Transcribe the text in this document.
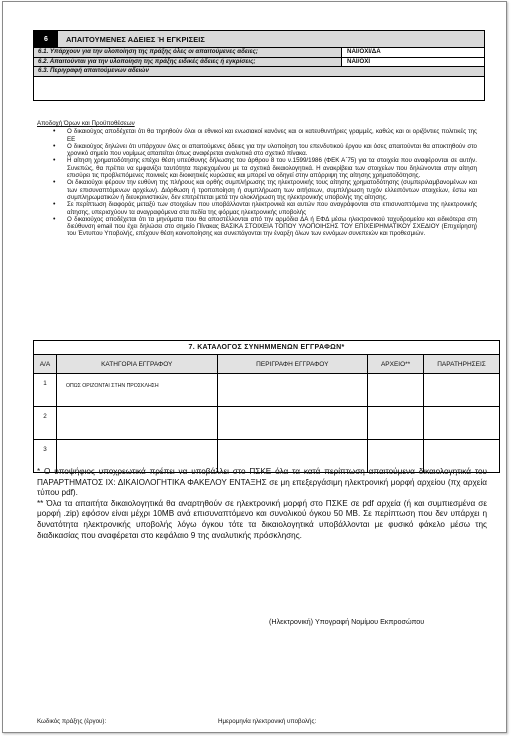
6	ΑΠΑΙΤΟΥΜΕΝΕΣ ΑΔΕΙΕΣ Ή ΕΓΚΡΙΣΕΙΣ
6.1. Υπάρχουν για την υλοποίηση της πράξης όλες οι απαιτούμενες αδειες;	ΝΑΙ/ΟΧΙ/ΔΑ
6.2. Απαιτούνται για την υλοποίηση της πράξης ειδικές άδειες ή εγκρίσεις;	ΝΑΙ/ΟΧΙ
6.3. Περιγραφή απαιτούμενων αδειών
Αποδοχή Όρων και Προϋποθέσεων
• Ο δικαιούχος αποδέχεται ότι θα τηρηθούν όλοι οι εθνικοί και ενωσιακοί κανόνες και οι κατευθυντήριες γραμμές, καθώς και οι οριζόντιες πολιτικές της ΕΕ
• Ο δικαιούχος δηλώνει ότι υπάρχουν όλες οι απαιτούμενες άδειες για την υλοποίηση του επενδυτικού έργου και όσες απαιτούνται θα αποκτηθούν στο χρονικό σημείο που νομίμως απαιτείται όπως αναφέρεται αναλυτικά στο σχετικό πίνακα.
• Η αίτηση χρηματοδότησης επέχει θέση υπεύθυνης δήλωσης του άρθρου 8 του ν.1599/1986 (ΦΕΚ Α΄75) για τα στοιχεία που αναφέρονται σε αυτήν. Συνεπώς, θα πρέπει να εμφανίζει ταυτότητα περιεχομένου με τα σχετικά δικαιολογητικά. Η ανακρίβεια των στοιχείων που δηλώνονται στην αίτηση επισύρει τις προβλεπόμενες ποινικές και διοικητικές κυρώσεις και μπορεί να οδηγεί στην απόρριψη της αίτησης χρηματοδότησης.
• Οι δικαιούχοι φέρουν την ευθύνη της πλήρους και ορθής συμπλήρωσης της ηλεκτρονικής τους αίτησης χρηματοδότησης (συμπεριλαμβανομένων και των επισυναπτόμενων αρχείων). Διόρθωση ή τροποποίηση ή συμπλήρωση των αιτήσεων, συμπλήρωση τυχόν ελλειπόντων στοιχείων, έστω και συμπληρωματικών ή διευκρινιστικών, δεν επιτρέπεται μετά την ολοκλήρωση της ηλεκτρονικής υποβολής της αίτησης.
• Σε περίπτωση διαφοράς μεταξύ των στοιχείων που υποβάλλονται ηλεκτρονικά και αυτών που αναγράφονται στα επισυναπτόμενα της ηλεκτρονικής αίτησης, υπερισχύουν τα αναγραφόμενα στα πεδία της φόρμας ηλεκτρονικής υποβολής
• Ο δικαιούχος αποδέχεται ότι τα μηνύματα που θα αποστέλλονται από την αρμόδια ΔΑ ή ΕΦΔ μέσω ηλεκτρονικού ταχυδρομείου και ειδικότερα στη διεύθυνση email που έχει δηλώσει στο σημείο Πίνακας ΒΑΣΙΚΑ ΣΤΟΙΧΕΙΑ ΤΟΠΟΥ ΥΛΟΠΟΙΗΣΗΣ ΤΟΥ ΕΠΙΧΕΙΡΗΜΑΤΙΚΟΥ ΣΧΕΔΙΟΥ (Επιχείρηση) του Έντυπου Υποβολής, επέχουν θέση κοινοποίησης και συνεπάγονται την έναρξη όλων των εννόμων συνεπειών και προθεσμιών.
7. ΚΑΤΑΛΟΓΟΣ ΣΥΝΗΜΜΕΝΩΝ ΕΓΓΡΑΦΩΝ*				
Α/Α	ΚΑΤΗΓΟΡΙΑ ΕΓΓΡΑΦΟΥ	ΠΕΡΙΓΡΑΦΗ ΕΓΓΡΑΦΟΥ	ΑΡΧΕΙΟ**	ΠΑΡΑΤΗΡΗΣΕΙΣ
1	ΟΠΩΣ ΟΡΙΖΟΝΤΑΙ ΣΤΗΝ ΠΡΟΣΚΛΗΣΗ			
2				
3				

* Ο υποψήφιος υποχρεωτικά πρέπει να υποβάλλει στο ΠΣΚΕ όλα τα κατά περίπτωση απαιτούμενα δικαιολογητικά του ΠΑΡΑΡΤΗΜΑΤΟΣ ΙΧ: ΔΙΚΑΙΟΛΟΓΗΤΙΚΑ ΦΑΚΕΛΟΥ ΕΝΤΑΞΗΣ σε μη επεξεργάσιμη ηλεκτρονική μορφή αρχείου (πχ αρχεία τύπου pdf).

** Όλα τα απαιτήτα δικαιολογητικά θα αναρτηθούν σε ηλεκτρονική μορφή στο ΠΣΚΕ σε pdf αρχεία (ή και συμπιεσμένα σε μορφή .zip) εφόσον είναι μέχρι 10MB ανά επισυναπτόμενο και συνολικού όγκου 50 MB. Σε περίπτωση που δεν υπάρχει η δυνατότητα ηλεκτρονικής υποβολής λόγω όγκου τότε τα δικαιολογητικά υποβάλλονται με φυσικό φάκελο μέσω της διαδικασίας που αναφέρεται στο κεφάλαιο 9 της αναλυτικής πρόσκλησης.

(Ηλεκτρονική) Υπογραφή Νομίμου Εκπροσώπου
Κωδικός πράξης (έργου):	Ημερομηνία ηλεκτρονική υποβολής:
